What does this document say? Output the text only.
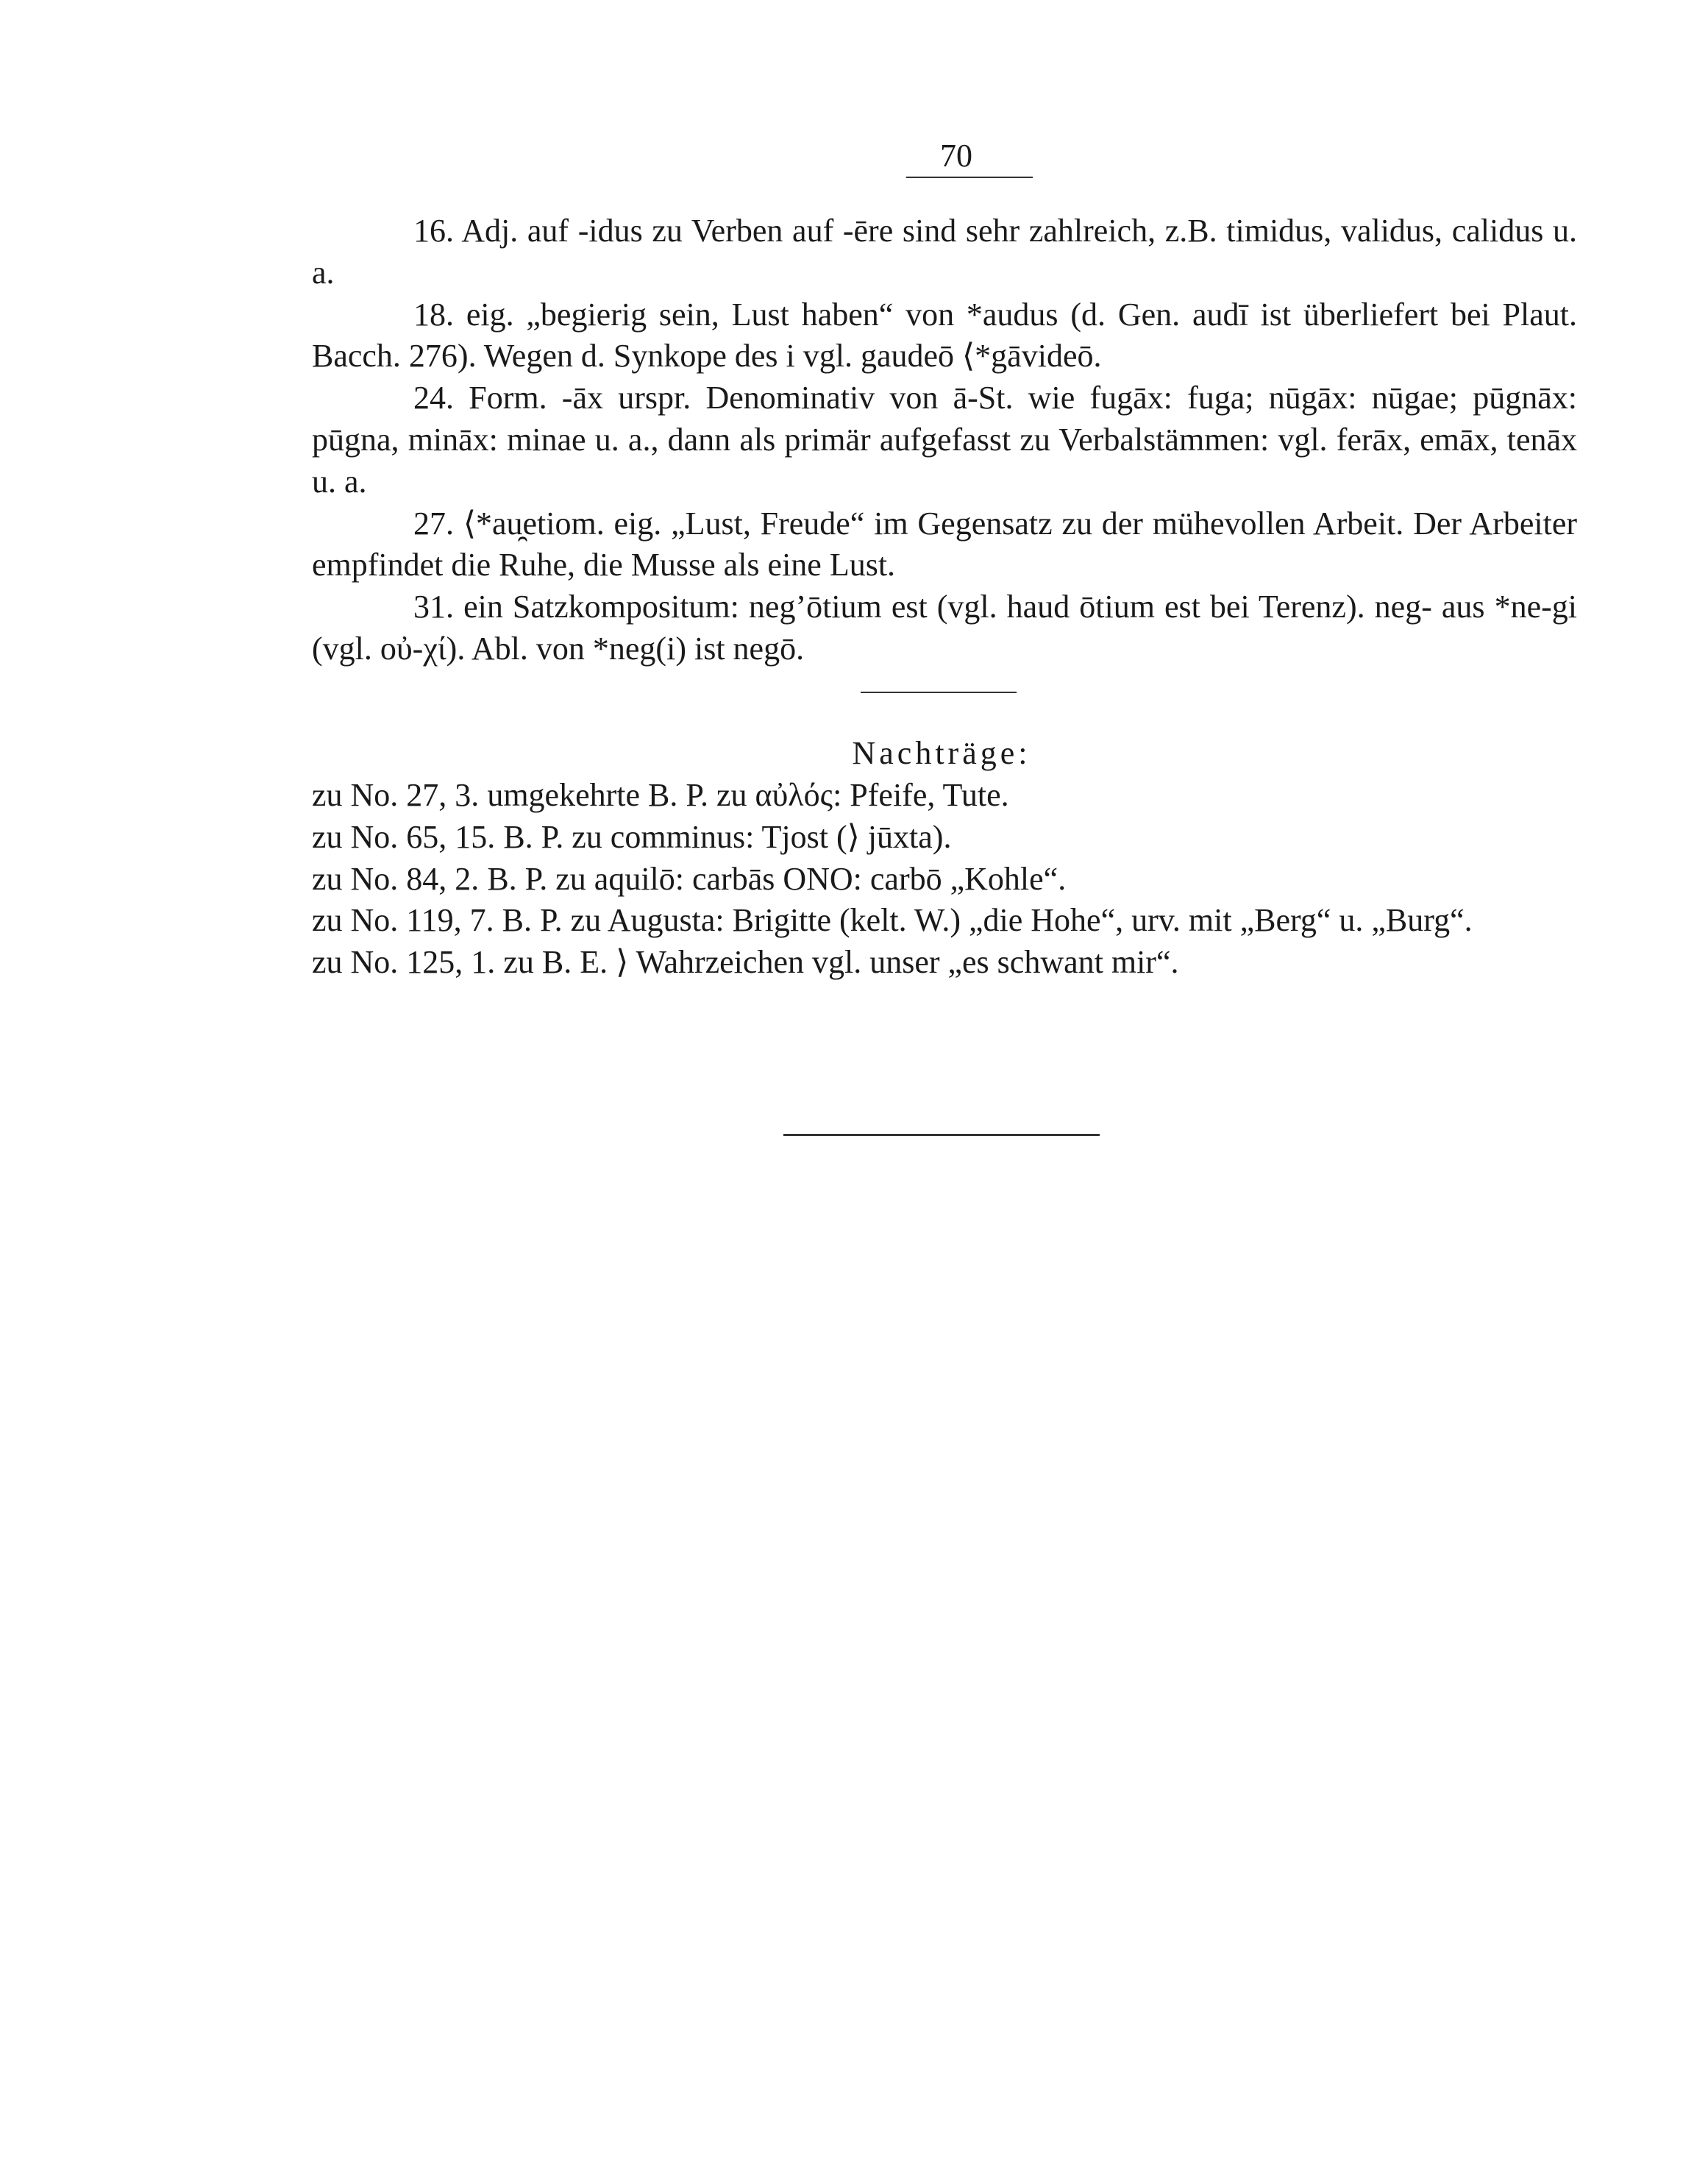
70

16. Adj. auf -idus zu Verben auf -ēre sind sehr zahlreich, z.B. timidus, validus, calidus u. a.

18. eig. „begierig sein, Lust haben“ von *audus (d. Gen. audī ist überliefert bei Plaut. Bacch. 276). Wegen d. Synkope des i vgl. gaudeō ⟨*gāvideō.

24. Form. -āx urspr. Denominativ von ā-St. wie fugāx: fuga; nūgāx: nūgae; pūgnāx: pūgna, mināx: minae u. a., dann als primär aufgefasst zu Verbalstämmen: vgl. ferāx, emāx, tenāx u. a.

27. ⟨*au̯etiom. eig. „Lust, Freude“ im Gegensatz zu der mühevollen Arbeit. Der Arbeiter empfindet die Ruhe, die Musse als eine Lust.

31. ein Satzkompositum: neg’ōtium est (vgl. haud ōtium est bei Terenz). neg- aus *ne-gi (vgl. οὐ-χί). Abl. von *neg(i) ist negō.

Nachträge:

zu No. 27, 3. umgekehrte B. P. zu αὐλός: Pfeife, Tute.

zu No. 65, 15. B. P. zu comminus: Tjost (⟩ jūxta).

zu No. 84, 2. B. P. zu aquilō: carbās ONO: carbō „Kohle“.

zu No. 119, 7. B. P. zu Augusta: Brigitte (kelt. W.) „die Hohe“, urv. mit „Berg“ u. „Burg“.

zu No. 125, 1. zu B. E. ⟩ Wahrzeichen vgl. unser „es schwant mir“.
